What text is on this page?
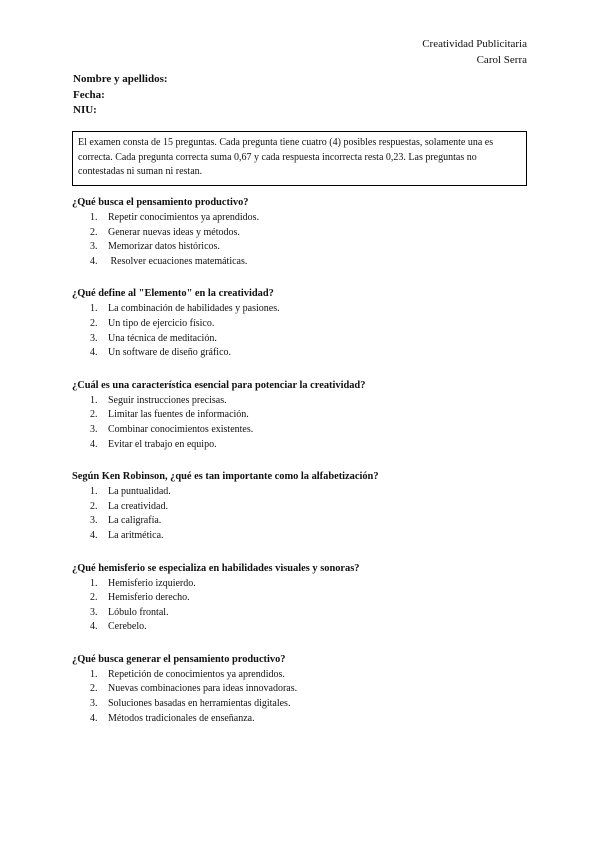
Creatividad Publicitaria
Carol Serra
Nombre y apellidos:
Fecha:
NIU:
El examen consta de 15 preguntas. Cada pregunta tiene cuatro (4) posibles respuestas, solamente una es correcta. Cada pregunta correcta suma 0,67 y cada respuesta incorrecta resta 0,23. Las preguntas no contestadas ni suman ni restan.
¿Qué busca el pensamiento productivo?
1.	Repetir conocimientos ya aprendidos.
2.	Generar nuevas ideas y métodos.
3.	Memorizar datos históricos.
4.	Resolver ecuaciones matemáticas.
¿Qué define al "Elemento" en la creatividad?
1.	La combinación de habilidades y pasiones.
2.	Un tipo de ejercicio físico.
3.	Una técnica de meditación.
4.	Un software de diseño gráfico.
¿Cuál es una característica esencial para potenciar la creatividad?
1.	Seguir instrucciones precisas.
2.	Limitar las fuentes de información.
3.	Combinar conocimientos existentes.
4.	Evitar el trabajo en equipo.
Según Ken Robinson, ¿qué es tan importante como la alfabetización?
1.	La puntualidad.
2.	La creatividad.
3.	La caligrafía.
4.	La aritmética.
¿Qué hemisferio se especializa en habilidades visuales y sonoras?
1.	Hemisferio izquierdo.
2.	Hemisferio derecho.
3.	Lóbulo frontal.
4.	Cerebelo.
¿Qué busca generar el pensamiento productivo?
1.	Repetición de conocimientos ya aprendidos.
2.	Nuevas combinaciones para ideas innovadoras.
3.	Soluciones basadas en herramientas digitales.
4.	Métodos tradicionales de enseñanza.
